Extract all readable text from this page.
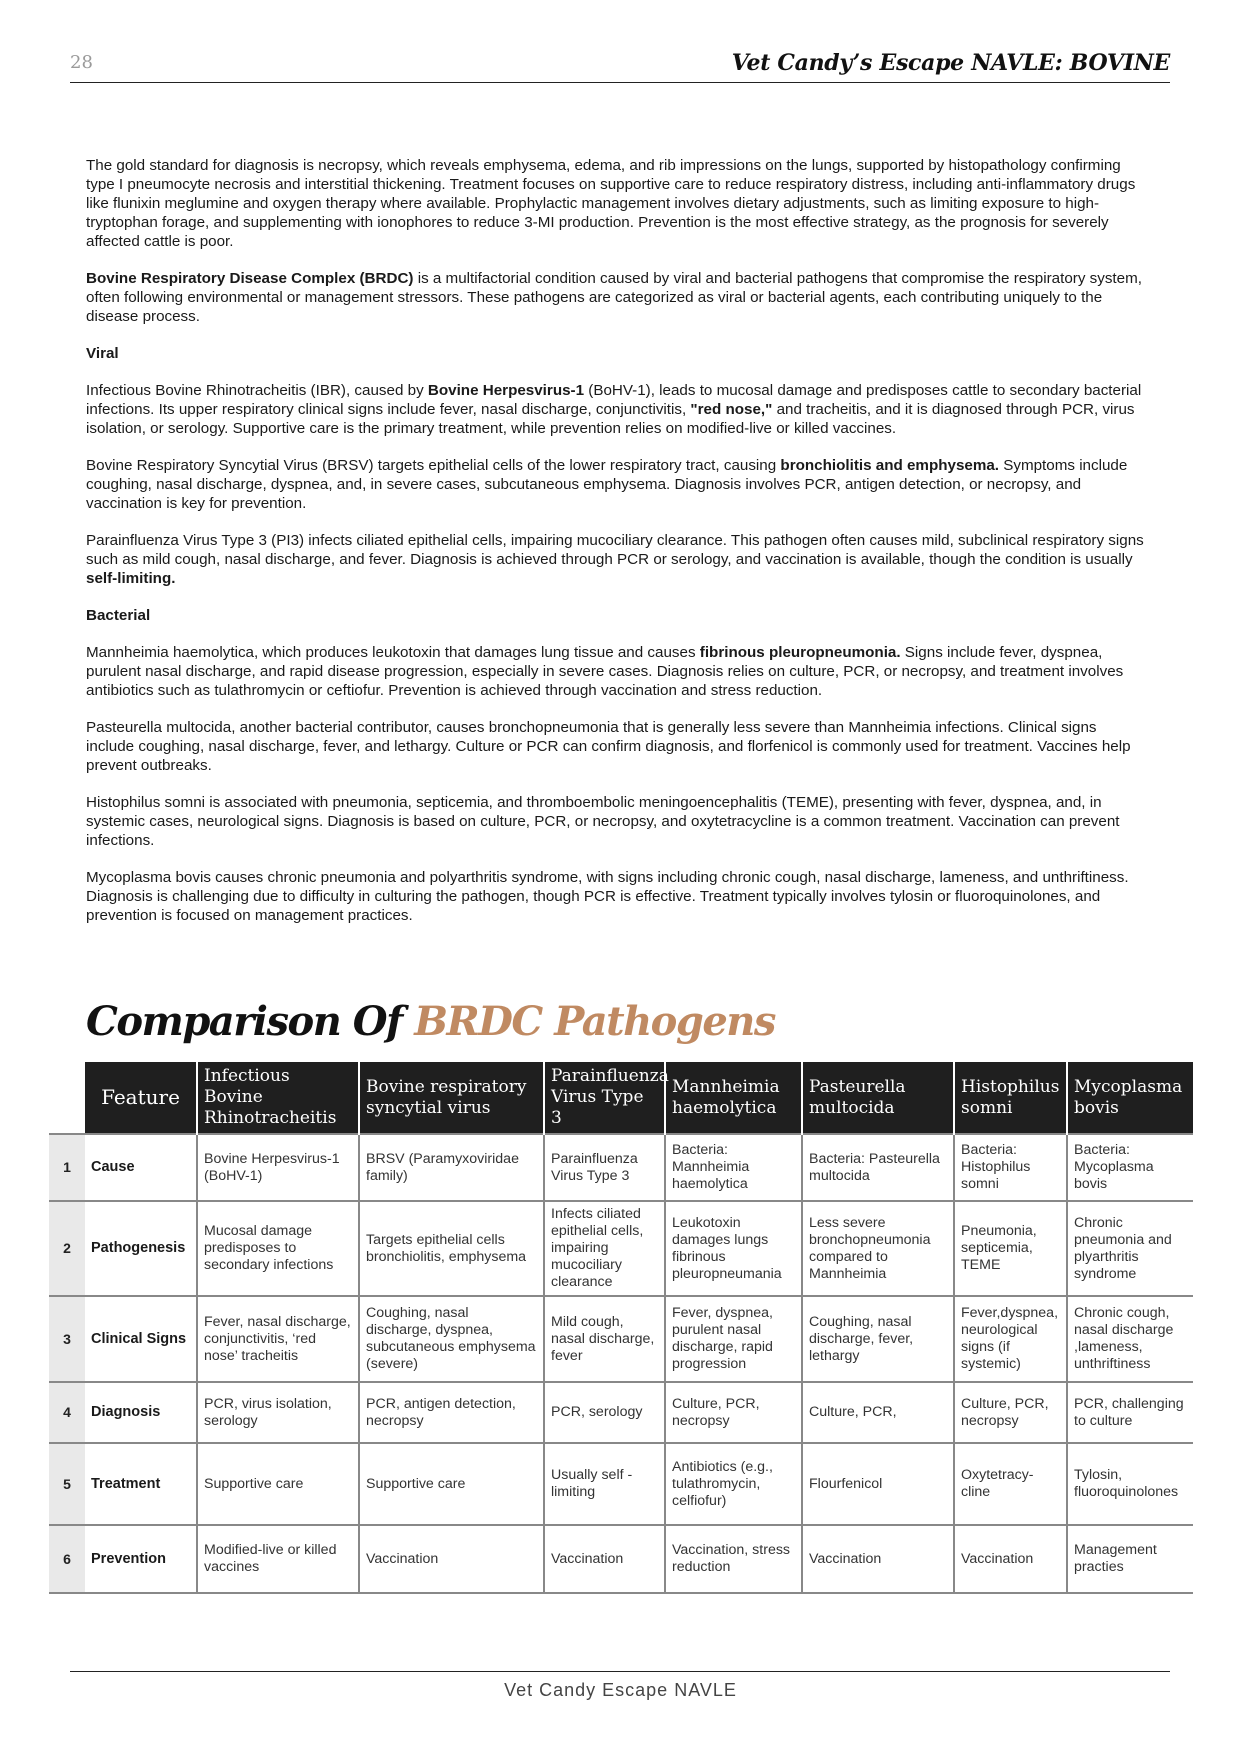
28	Vet Candy’s Escape NAVLE: BOVINE

The gold standard for diagnosis is necropsy, which reveals emphysema, edema, and rib impressions on the lungs, supported by histopathology confirming type I pneumocyte necrosis and interstitial thickening. Treatment focuses on supportive care to reduce respiratory distress, including anti-inflammatory drugs like flunixin meglumine and oxygen therapy where available. Prophylactic management involves dietary adjustments, such as limiting exposure to high-tryptophan forage, and supplementing with ionophores to reduce 3-MI production. Prevention is the most effective strategy, as the prognosis for severely affected cattle is poor.

Bovine Respiratory Disease Complex (BRDC) is a multifactorial condition caused by viral and bacterial pathogens that compromise the respiratory system, often following environmental or management stressors. These pathogens are categorized as viral or bacterial agents, each contributing uniquely to the disease process.

Viral

Infectious Bovine Rhinotracheitis (IBR), caused by Bovine Herpesvirus-1 (BoHV-1), leads to mucosal damage and predisposes cattle to secondary bacterial infections. Its upper respiratory clinical signs include fever, nasal discharge, conjunctivitis, "red nose," and tracheitis, and it is diagnosed through PCR, virus isolation, or serology. Supportive care is the primary treatment, while prevention relies on modified-live or killed vaccines.

Bovine Respiratory Syncytial Virus (BRSV) targets epithelial cells of the lower respiratory tract, causing bronchiolitis and emphysema. Symptoms include coughing, nasal discharge, dyspnea, and, in severe cases, subcutaneous emphysema. Diagnosis involves PCR, antigen detection, or necropsy, and vaccination is key for prevention.

Parainfluenza Virus Type 3 (PI3) infects ciliated epithelial cells, impairing mucociliary clearance. This pathogen often causes mild, subclinical respiratory signs such as mild cough, nasal discharge, and fever. Diagnosis is achieved through PCR or serology, and vaccination is available, though the condition is usually self-limiting.

Bacterial

Mannheimia haemolytica, which produces leukotoxin that damages lung tissue and causes fibrinous pleuropneumonia. Signs include fever, dyspnea, purulent nasal discharge, and rapid disease progression, especially in severe cases. Diagnosis relies on culture, PCR, or necropsy, and treatment involves antibiotics such as tulathromycin or ceftiofur. Prevention is achieved through vaccination and stress reduction.

Pasteurella multocida, another bacterial contributor, causes bronchopneumonia that is generally less severe than Mannheimia infections. Clinical signs include coughing, nasal discharge, fever, and lethargy. Culture or PCR can confirm diagnosis, and florfenicol is commonly used for treatment. Vaccines help prevent outbreaks.

Histophilus somni is associated with pneumonia, septicemia, and thromboembolic meningoencephalitis (TEME), presenting with fever, dyspnea, and, in systemic cases, neurological signs. Diagnosis is based on culture, PCR, or necropsy, and oxytetracycline is a common treatment. Vaccination can prevent infections.

Mycoplasma bovis causes chronic pneumonia and polyarthritis syndrome, with signs including chronic cough, nasal discharge, lameness, and unthriftiness. Diagnosis is challenging due to difficulty in culturing the pathogen, though PCR is effective. Treatment typically involves tylosin or fluoroquinolones, and prevention is focused on management practices.

Comparison Of BRDC Pathogens
	Feature	Infectious Bovine Rhinotracheitis	Bovine respiratory syncytial virus	Parainfluenza Virus Type 3	Mannheimia haemolytica	Pasteurella multocida	Histophilus somni	Mycoplasma bovis
1	Cause	Bovine Herpesvirus-1 (BoHV-1)	BRSV (Paramyxoviridae family)	Parainfluenza Virus Type 3	Bacteria: Mannheimia haemolytica	Bacteria: Pasteurella multocida	Bacteria: Histophilus somni	Bacteria: Mycoplasma bovis
2	Pathogenesis	Mucosal damage predisposes to secondary infections	Targets epithelial cells bronchiolitis, emphysema	Infects ciliated epithelial cells, impairing mucociliary clearance	Leukotoxin damages lungs fibrinous pleuropneumania	Less severe bronchopneumonia compared to Mannheimia	Pneumonia, septicemia, TEME	Chronic pneumonia and plyarthritis syndrome
3	Clinical Signs	Fever, nasal discharge, conjunctivitis, ‘red nose’ tracheitis	Coughing, nasal discharge, dyspnea, subcutaneous emphysema (severe)	Mild cough, nasal discharge, fever	Fever, dyspnea, purulent nasal discharge, rapid progression	Coughing, nasal discharge, fever, lethargy	Fever,dyspnea, neurological signs (if systemic)	Chronic cough, nasal discharge ,lameness, unthriftiness
4	Diagnosis	PCR, virus isolation, serology	PCR, antigen detection, necropsy	PCR, serology	Culture, PCR, necropsy	Culture, PCR,	Culture, PCR, necropsy	PCR, challenging to culture
5	Treatment	Supportive care	Supportive care	Usually self - limiting	Antibiotics (e.g., tulathromycin, celfiofur)	Flourfenicol	Oxytetracy-cline	Tylosin, fluoroquinolones
6	Prevention	Modified-live or killed vaccines	Vaccination	Vaccination	Vaccination, stress reduction	Vaccination	Vaccination	Management practies
Vet Candy Escape NAVLE
